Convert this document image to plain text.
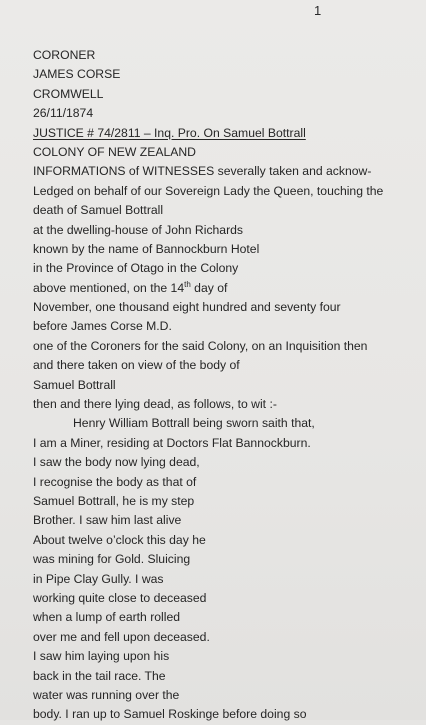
1
CORONER
JAMES CORSE
CROMWELL
26/11/1874
JUSTICE # 74/2811 – Inq. Pro. On Samuel Bottrall
COLONY OF NEW ZEALAND
INFORMATIONS of WITNESSES severally taken and acknow-
Ledged on behalf of our Sovereign Lady the Queen, touching the
death of Samuel Bottrall
at the dwelling-house of John Richards
known by the name of Bannockburn Hotel
in the Province of Otago in the Colony
above mentioned, on the 14th day of
November, one thousand eight hundred and seventy four
before James Corse M.D.
one of the Coroners for the said Colony, on an Inquisition then
and there taken on view of the body of
Samuel Bottrall
then and there lying dead, as follows, to wit :-
Henry William Bottrall being sworn saith that,
I am a Miner, residing at Doctors Flat Bannockburn.
I saw the body now lying dead,
I recognise the body as that of
Samuel Bottrall, he is my step
Brother. I saw him last alive
About twelve o’clock this day he
was mining for Gold. Sluicing
in Pipe Clay Gully. I was
working quite close to deceased
when a lump of earth rolled
over me and fell upon deceased.
I saw him laying upon his
back in the tail race. The
water was running over the
body. I ran up to Samuel Roskinge before doing so
